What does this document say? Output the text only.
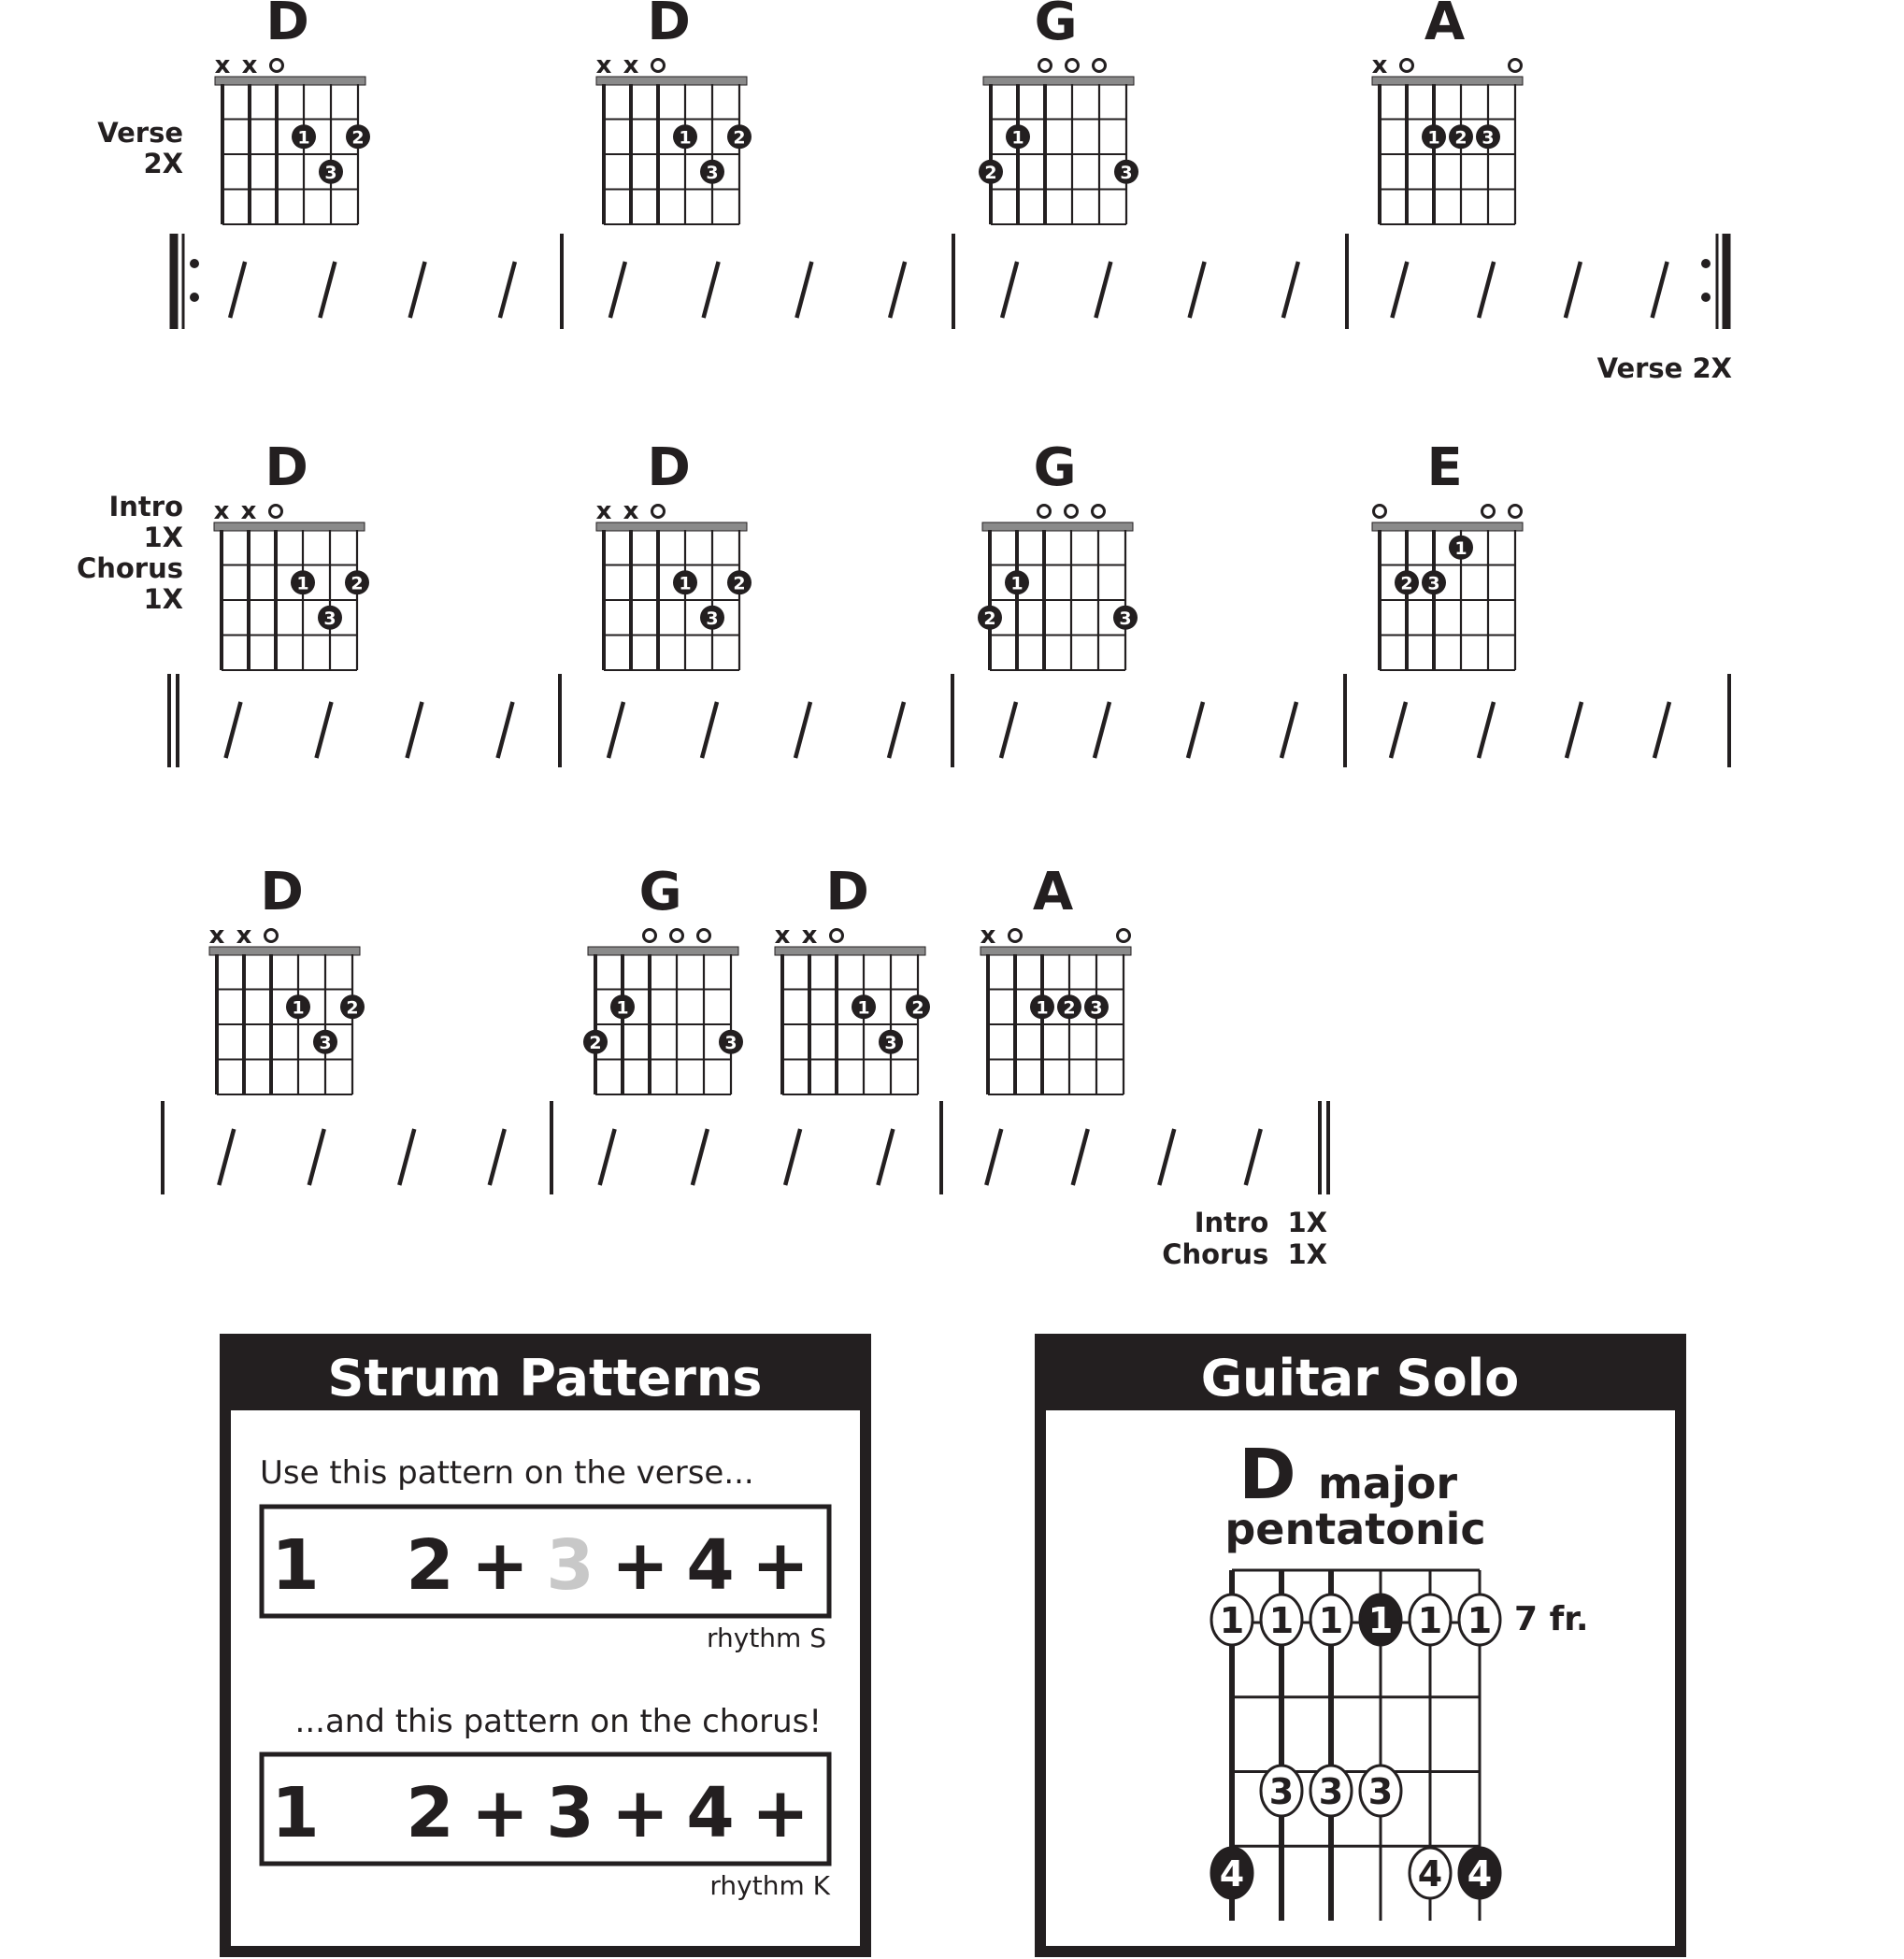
Verse
2X
Verse 2X
D
x x
1 2
3
D
x x
1 2
3
G
1
2	3
A
x
1 2 3
Intro
1X
Chorus
1X
D
x x
1 2
3
D
x x
1 2
3
G
1
2	3
E
1
2 3
Intro  1X
Chorus  1X
D
x x
1 2
3
G
1
2	3
D
x x
1 2
3
A
x
1 2 3
Strum Patterns
Use this pattern on the verse...
1 2 + 3 + 4 +
rhythm S
...and this pattern on the chorus!
1 2 + 3 + 4 +
rhythm K
Guitar Solo
D major
pentatonic
1 1 1 1 1 1
3 3 3
4	4 4
7 fr.
